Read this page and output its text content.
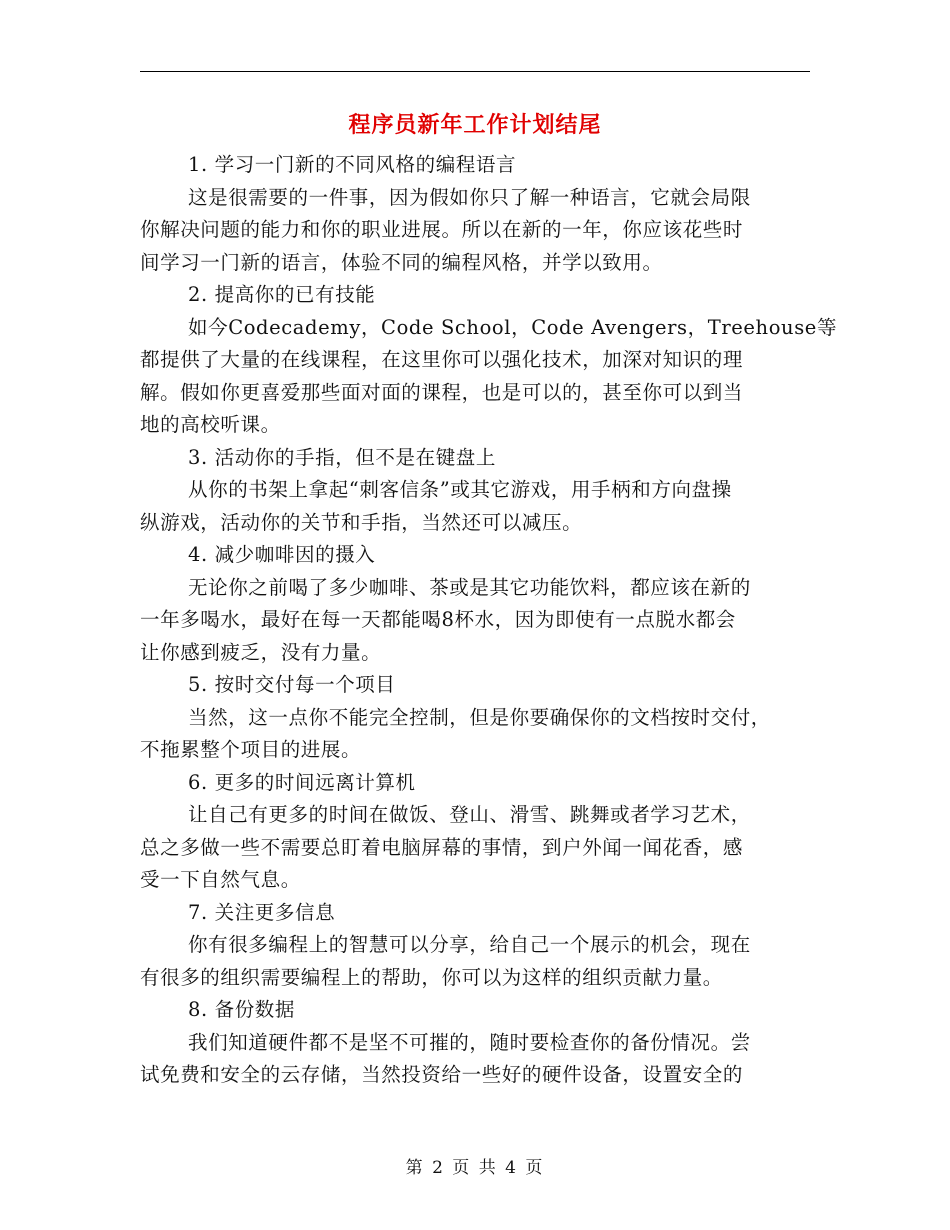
程序员新年工作计划结尾
1. 学习一门新的不同风格的编程语言
这是很需要的一件事，因为假如你只了解一种语言，它就会局限
你解决问题的能力和你的职业进展。所以在新的一年，你应该花些时
间学习一门新的语言，体验不同的编程风格，并学以致用。
2. 提高你的已有技能
如今Codecademy，Code School，Code Avengers，Treehouse等
都提供了大量的在线课程，在这里你可以强化技术，加深对知识的理
解。假如你更喜爱那些面对面的课程，也是可以的，甚至你可以到当
地的高校听课。
3. 活动你的手指，但不是在键盘上
从你的书架上拿起“刺客信条”或其它游戏，用手柄和方向盘操
纵游戏，活动你的关节和手指，当然还可以减压。
4. 减少咖啡因的摄入
无论你之前喝了多少咖啡、茶或是其它功能饮料，都应该在新的
一年多喝水，最好在每一天都能喝8杯水，因为即使有一点脱水都会
让你感到疲乏，没有力量。
5. 按时交付每一个项目
当然，这一点你不能完全控制，但是你要确保你的文档按时交付，
不拖累整个项目的进展。
6. 更多的时间远离计算机
让自己有更多的时间在做饭、登山、滑雪、跳舞或者学习艺术，
总之多做一些不需要总盯着电脑屏幕的事情，到户外闻一闻花香，感
受一下自然气息。
7. 关注更多信息
你有很多编程上的智慧可以分享，给自己一个展示的机会，现在
有很多的组织需要编程上的帮助，你可以为这样的组织贡献力量。
8. 备份数据
我们知道硬件都不是坚不可摧的，随时要检查你的备份情况。尝
试免费和安全的云存储，当然投资给一些好的硬件设备，设置安全的
第 2 页 共 4 页
